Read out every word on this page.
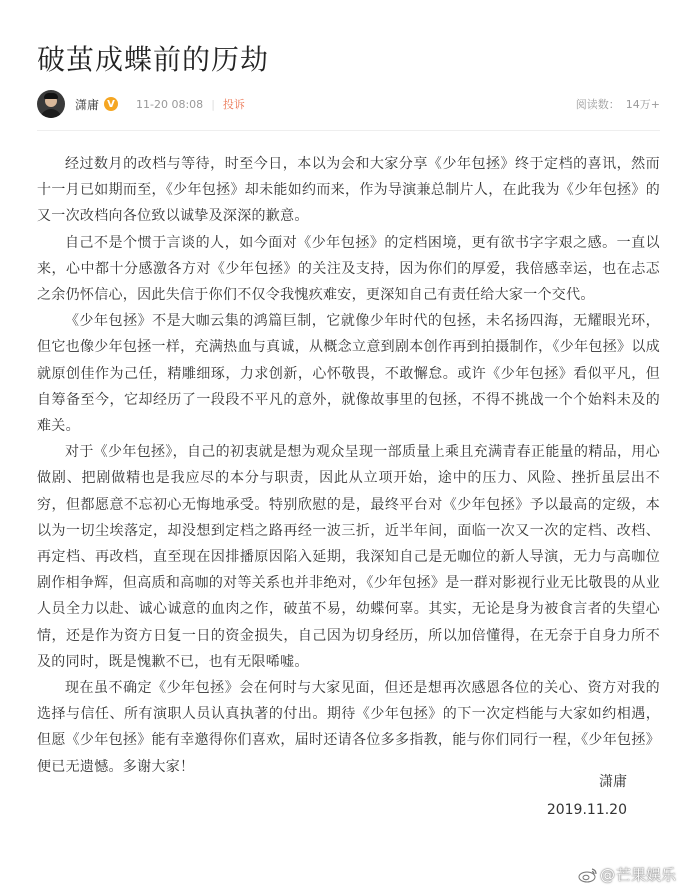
破茧成蝶前的历劫
潇庸 V 11-20 08:08 | 投诉	阅读数： 14万+

经过数月的改档与等待，时至今日，本以为会和大家分享《少年包拯》终于定档的喜讯，然而十一月已如期而至，《少年包拯》却未能如约而来，作为导演兼总制片人，在此我为《少年包拯》的又一次改档向各位致以诚挚及深深的歉意。

自己不是个惯于言谈的人，如今面对《少年包拯》的定档困境，更有欲书字字艰之感。一直以来，心中都十分感激各方对《少年包拯》的关注及支持，因为你们的厚爱，我倍感幸运，也在忐忑之余仍怀信心，因此失信于你们不仅令我愧疚难安，更深知自己有责任给大家一个交代。

《少年包拯》不是大咖云集的鸿篇巨制，它就像少年时代的包拯，未名扬四海，无耀眼光环，但它也像少年包拯一样，充满热血与真诚，从概念立意到剧本创作再到拍摄制作，《少年包拯》以成就原创佳作为己任，精雕细琢，力求创新，心怀敬畏，不敢懈怠。或许《少年包拯》看似平凡，但自筹备至今，它却经历了一段段不平凡的意外，就像故事里的包拯，不得不挑战一个个始料未及的难关。

对于《少年包拯》，自己的初衷就是想为观众呈现一部质量上乘且充满青春正能量的精品，用心做剧、把剧做精也是我应尽的本分与职责，因此从立项开始，途中的压力、风险、挫折虽层出不穷，但都愿意不忘初心无悔地承受。特别欣慰的是，最终平台对《少年包拯》予以最高的定级，本以为一切尘埃落定，却没想到定档之路再经一波三折，近半年间，面临一次又一次的定档、改档、再定档、再改档，直至现在因排播原因陷入延期，我深知自己是无咖位的新人导演，无力与高咖位剧作相争辉，但高质和高咖的对等关系也并非绝对，《少年包拯》是一群对影视行业无比敬畏的从业人员全力以赴、诚心诚意的血肉之作，破茧不易，幼蝶何辜。其实，无论是身为被食言者的失望心情，还是作为资方日复一日的资金损失，自己因为切身经历，所以加倍懂得，在无奈于自身力所不及的同时，既是愧歉不已，也有无限唏嘘。

现在虽不确定《少年包拯》会在何时与大家见面，但还是想再次感恩各位的关心、资方对我的选择与信任、所有演职人员认真执著的付出。期待《少年包拯》的下一次定档能与大家如约相遇，但愿《少年包拯》能有幸邀得你们喜欢，届时还请各位多多指教，能与你们同行一程，《少年包拯》便已无遗憾。多谢大家！

潇庸
2019.11.20
@ 芒果娱乐
